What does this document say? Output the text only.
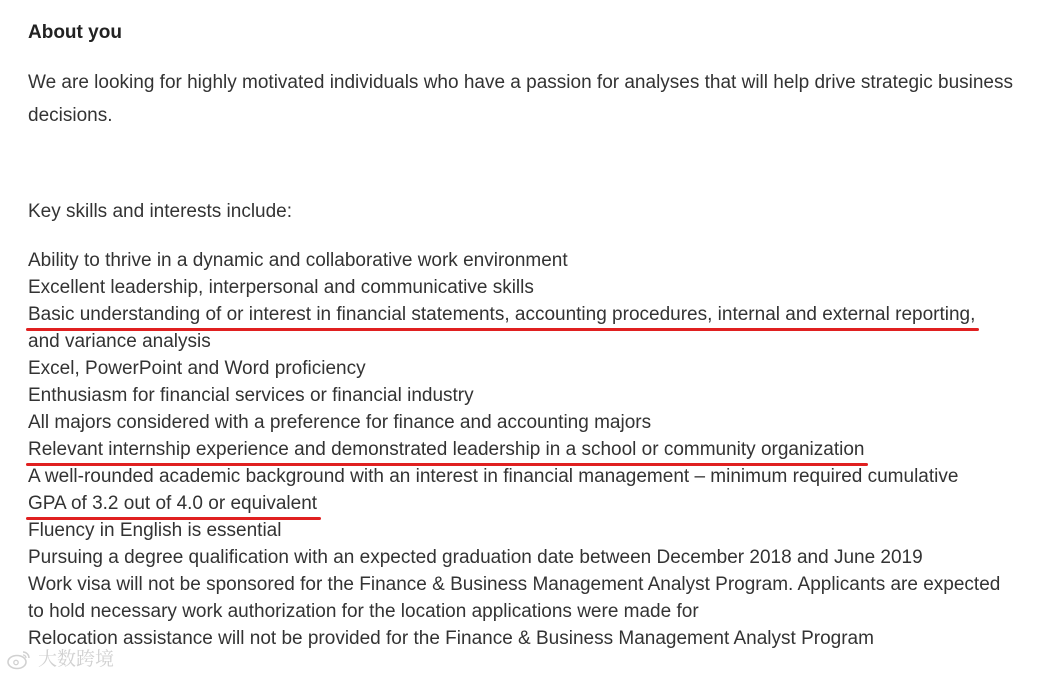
About you
We are looking for highly motivated individuals who have a passion for analyses that will help drive strategic business decisions.
Key skills and interests include:
Ability to thrive in a dynamic and collaborative work environment
Excellent leadership, interpersonal and communicative skills
Basic understanding of or interest in financial statements, accounting procedures, internal and external reporting,
and variance analysis
Excel, PowerPoint and Word proficiency
Enthusiasm for financial services or financial industry
All majors considered with a preference for finance and accounting majors
Relevant internship experience and demonstrated leadership in a school or community organization
A well-rounded academic background with an interest in financial management – minimum required cumulative
GPA of 3.2 out of 4.0 or equivalent
Fluency in English is essential
Pursuing a degree qualification with an expected graduation date between December 2018 and June 2019
Work visa will not be sponsored for the Finance & Business Management Analyst Program. Applicants are expected
to hold necessary work authorization for the location applications were made for
Relocation assistance will not be provided for the Finance & Business Management Analyst Program
大数跨境
